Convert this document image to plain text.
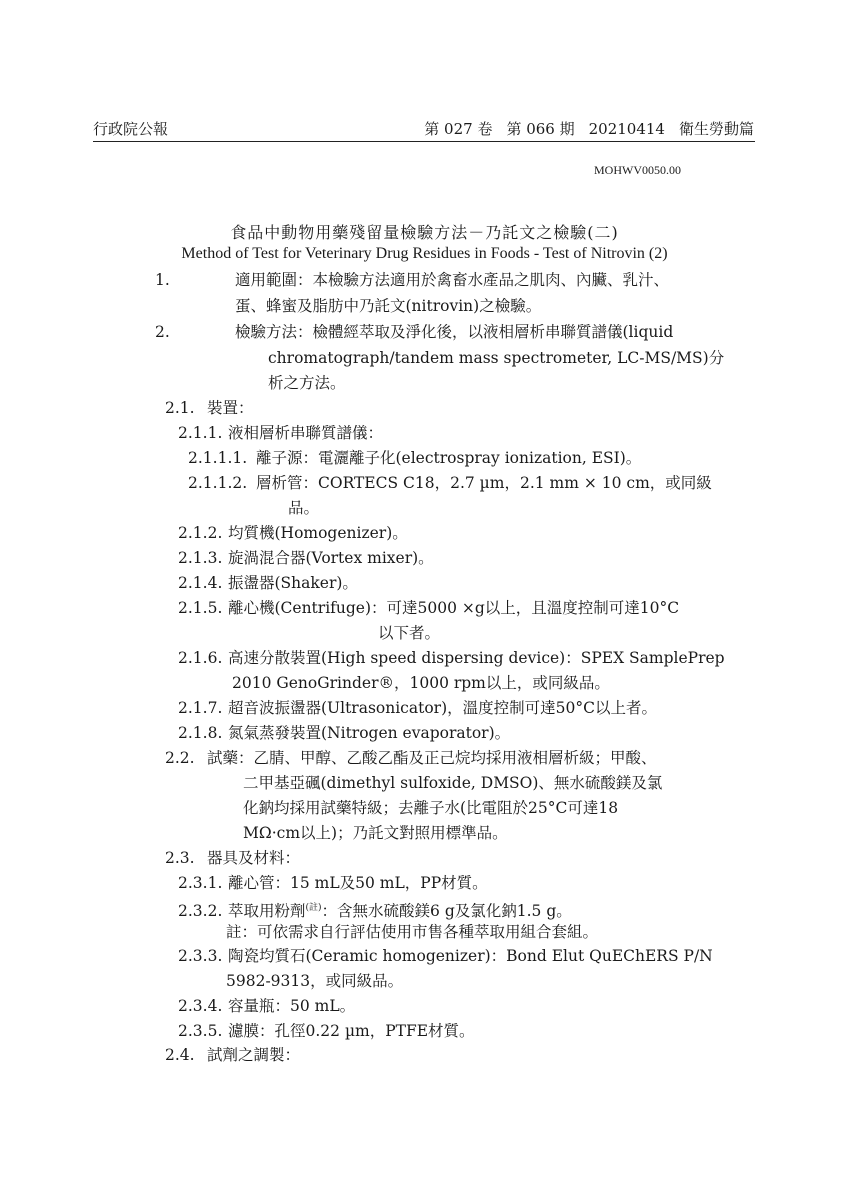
行政院公報	第 027 卷 第 066 期 20210414 衛生勞動篇
MOHWV0050.00
食品中動物用藥殘留量檢驗方法－乃託文之檢驗(二)
Method of Test for Veterinary Drug Residues in Foods - Test of Nitrovin (2)
1.	適用範圍：本檢驗方法適用於禽畜水產品之肌肉、內臟、乳汁、
蛋、蜂蜜及脂肪中乃託文(nitrovin)之檢驗。
2.	檢驗方法：檢體經萃取及淨化後，以液相層析串聯質譜儀(liquid
chromatograph/tandem mass spectrometer, LC-MS/MS)分
析之方法。
2.1. 裝置：
2.1.1. 液相層析串聯質譜儀：
2.1.1.1. 離子源：電灑離子化(electrospray ionization, ESI)。
2.1.1.2. 層析管：CORTECS C18，2.7 µm，2.1 mm × 10 cm，或同級
品。
2.1.2. 均質機(Homogenizer)。
2.1.3. 旋渦混合器(Vortex mixer)。
2.1.4. 振盪器(Shaker)。
2.1.5. 離心機(Centrifuge)：可達5000 ×g以上，且溫度控制可達10°C
以下者。
2.1.6. 高速分散裝置(High speed dispersing device)：SPEX SamplePrep
2010 GenoGrinder®，1000 rpm以上，或同級品。
2.1.7. 超音波振盪器(Ultrasonicator)，溫度控制可達50°C以上者。
2.1.8. 氮氣蒸發裝置(Nitrogen evaporator)。
2.2. 試藥：乙腈、甲醇、乙酸乙酯及正己烷均採用液相層析級；甲酸、
二甲基亞碸(dimethyl sulfoxide, DMSO)、無水硫酸鎂及氯
化鈉均採用試藥特級；去離子水(比電阻於25°C可達18
MΩ·cm以上)；乃託文對照用標準品。
2.3. 器具及材料：
2.3.1. 離心管：15 mL及50 mL，PP材質。
2.3.2. 萃取用粉劑$^{(註)}$：含無水硫酸鎂6 g及氯化鈉1.5 g。
註：可依需求自行評估使用市售各種萃取用組合套組。
2.3.3. 陶瓷均質石(Ceramic homogenizer)：Bond Elut QuEChERS P/N
5982-9313，或同級品。
2.3.4. 容量瓶：50 mL。
2.3.5. 濾膜：孔徑0.22 µm，PTFE材質。
2.4. 試劑之調製：
